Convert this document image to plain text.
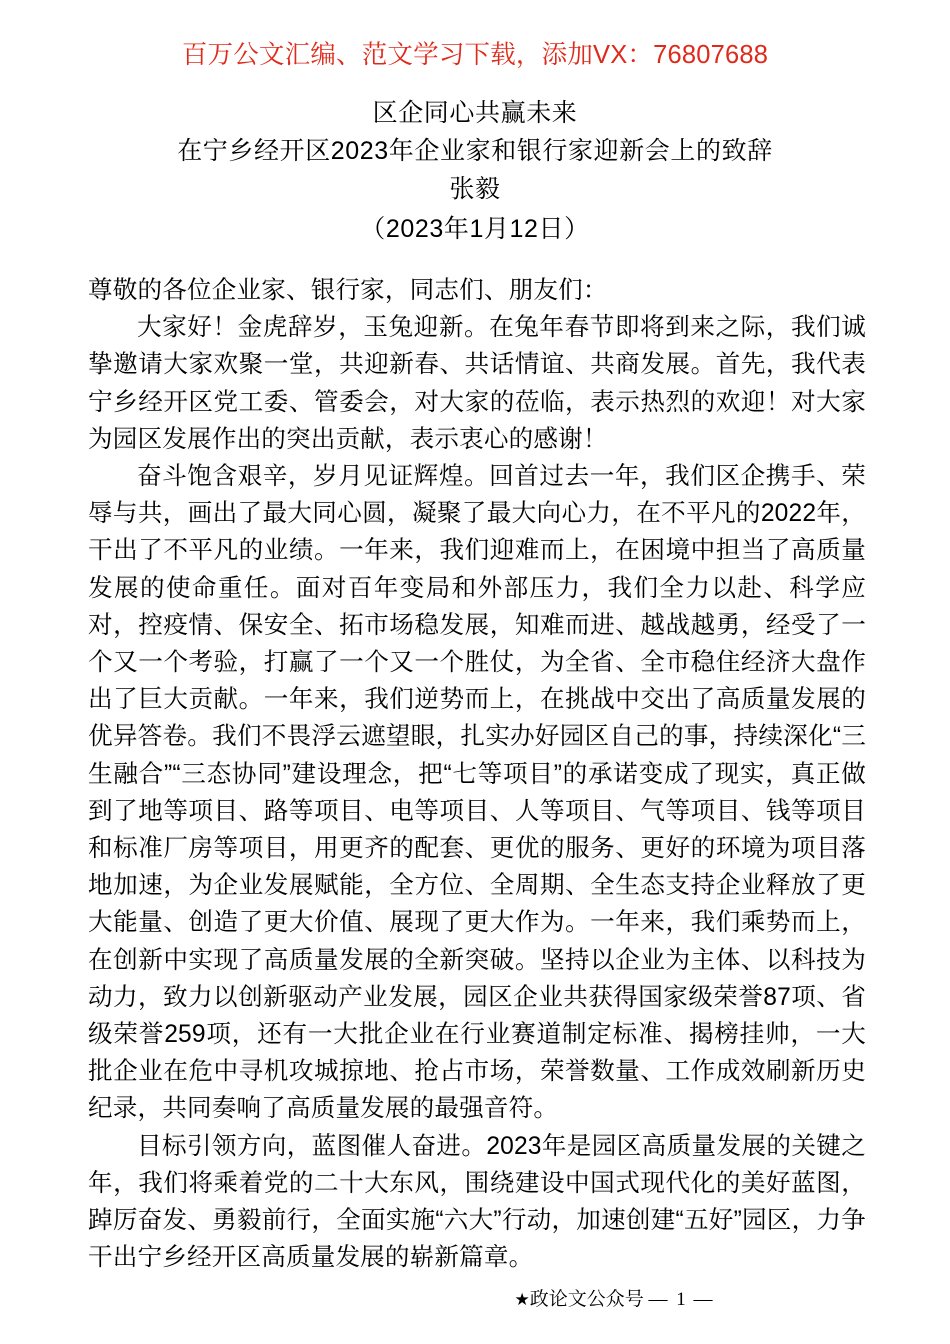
百万公文汇编、范文学习下载，添加VX：76807688
区企同心共赢未来
在宁乡经开区2023年企业家和银行家迎新会上的致辞
张毅
（2023年1月12日）

尊敬的各位企业家、银行家，同志们、朋友们：

大家好！金虎辞岁，玉兔迎新。在兔年春节即将到来之际，我们诚挚邀请大家欢聚一堂，共迎新春、共话情谊、共商发展。首先，我代表宁乡经开区党工委、管委会，对大家的莅临，表示热烈的欢迎！对大家为园区发展作出的突出贡献，表示衷心的感谢！

奋斗饱含艰辛，岁月见证辉煌。回首过去一年，我们区企携手、荣辱与共，画出了最大同心圆，凝聚了最大向心力，在不平凡的2022年，干出了不平凡的业绩。一年来，我们迎难而上，在困境中担当了高质量发展的使命重任。面对百年变局和外部压力，我们全力以赴、科学应对，控疫情、保安全、拓市场稳发展，知难而进、越战越勇，经受了一个又一个考验，打赢了一个又一个胜仗，为全省、全市稳住经济大盘作出了巨大贡献。一年来，我们逆势而上，在挑战中交出了高质量发展的优异答卷。我们不畏浮云遮望眼，扎实办好园区自己的事，持续深化“三生融合”“三态协同”建设理念，把“七等项目”的承诺变成了现实，真正做到了地等项目、路等项目、电等项目、人等项目、气等项目、钱等项目和标准厂房等项目，用更齐的配套、更优的服务、更好的环境为项目落地加速，为企业发展赋能，全方位、全周期、全生态支持企业释放了更大能量、创造了更大价值、展现了更大作为。一年来，我们乘势而上，在创新中实现了高质量发展的全新突破。坚持以企业为主体、以科技为动力，致力以创新驱动产业发展，园区企业共获得国家级荣誉87项、省级荣誉259项，还有一大批企业在行业赛道制定标准、揭榜挂帅，一大批企业在危中寻机攻城掠地、抢占市场，荣誉数量、工作成效刷新历史纪录，共同奏响了高质量发展的最强音符。

目标引领方向，蓝图催人奋进。2023年是园区高质量发展的关键之年，我们将乘着党的二十大东风，围绕建设中国式现代化的美好蓝图，踔厉奋发、勇毅前行，全面实施“六大”行动，加速创建“五好”园区，力争干出宁乡经开区高质量发展的崭新篇章。

★政论文公众号 — 1 —
